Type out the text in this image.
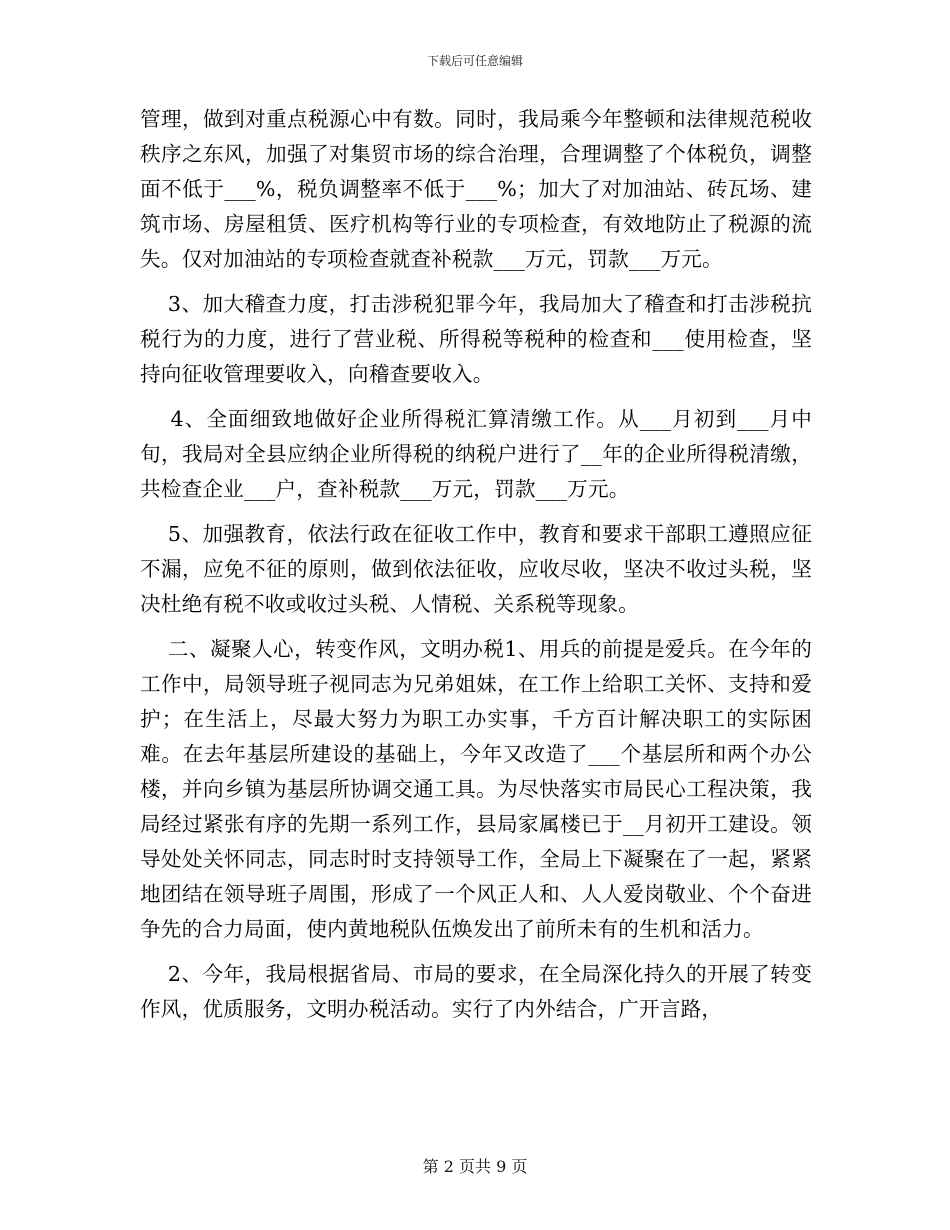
下载后可任意编辑

管理，做到对重点税源心中有数。同时，我局乘今年整顿和法律规范税收秩序之东风，加强了对集贸市场的综合治理，合理调整了个体税负，调整面不低于___%，税负调整率不低于___%；加大了对加油站、砖瓦场、建筑市场、房屋租赁、医疗机构等行业的专项检查，有效地防止了税源的流失。仅对加油站的专项检查就查补税款___万元，罚款___万元。

3、加大稽查力度，打击涉税犯罪今年，我局加大了稽查和打击涉税抗税行为的力度，进行了营业税、所得税等税种的检查和___使用检查，坚持向征收管理要收入，向稽查要收入。

4、全面细致地做好企业所得税汇算清缴工作。从___月初到___月中旬，我局对全县应纳企业所得税的纳税户进行了__年的企业所得税清缴，共检查企业___户，查补税款___万元，罚款___万元。

5、加强教育，依法行政在征收工作中，教育和要求干部职工遵照应征不漏，应免不征的原则，做到依法征收，应收尽收，坚决不收过头税，坚决杜绝有税不收或收过头税、人情税、关系税等现象。

二、凝聚人心，转变作风，文明办税1、用兵的前提是爱兵。在今年的工作中，局领导班子视同志为兄弟姐妹，在工作上给职工关怀、支持和爱护；在生活上，尽最大努力为职工办实事，千方百计解决职工的实际困难。在去年基层所建设的基础上，今年又改造了___个基层所和两个办公楼，并向乡镇为基层所协调交通工具。为尽快落实市局民心工程决策，我局经过紧张有序的先期一系列工作，县局家属楼已于__月初开工建设。领导处处关怀同志，同志时时支持领导工作，全局上下凝聚在了一起，紧紧地团结在领导班子周围，形成了一个风正人和、人人爱岗敬业、个个奋进争先的合力局面，使内黄地税队伍焕发出了前所未有的生机和活力。

2、今年，我局根据省局、市局的要求，在全局深化持久的开展了转变作风，优质服务，文明办税活动。实行了内外结合，广开言路，

第 2 页共 9 页
